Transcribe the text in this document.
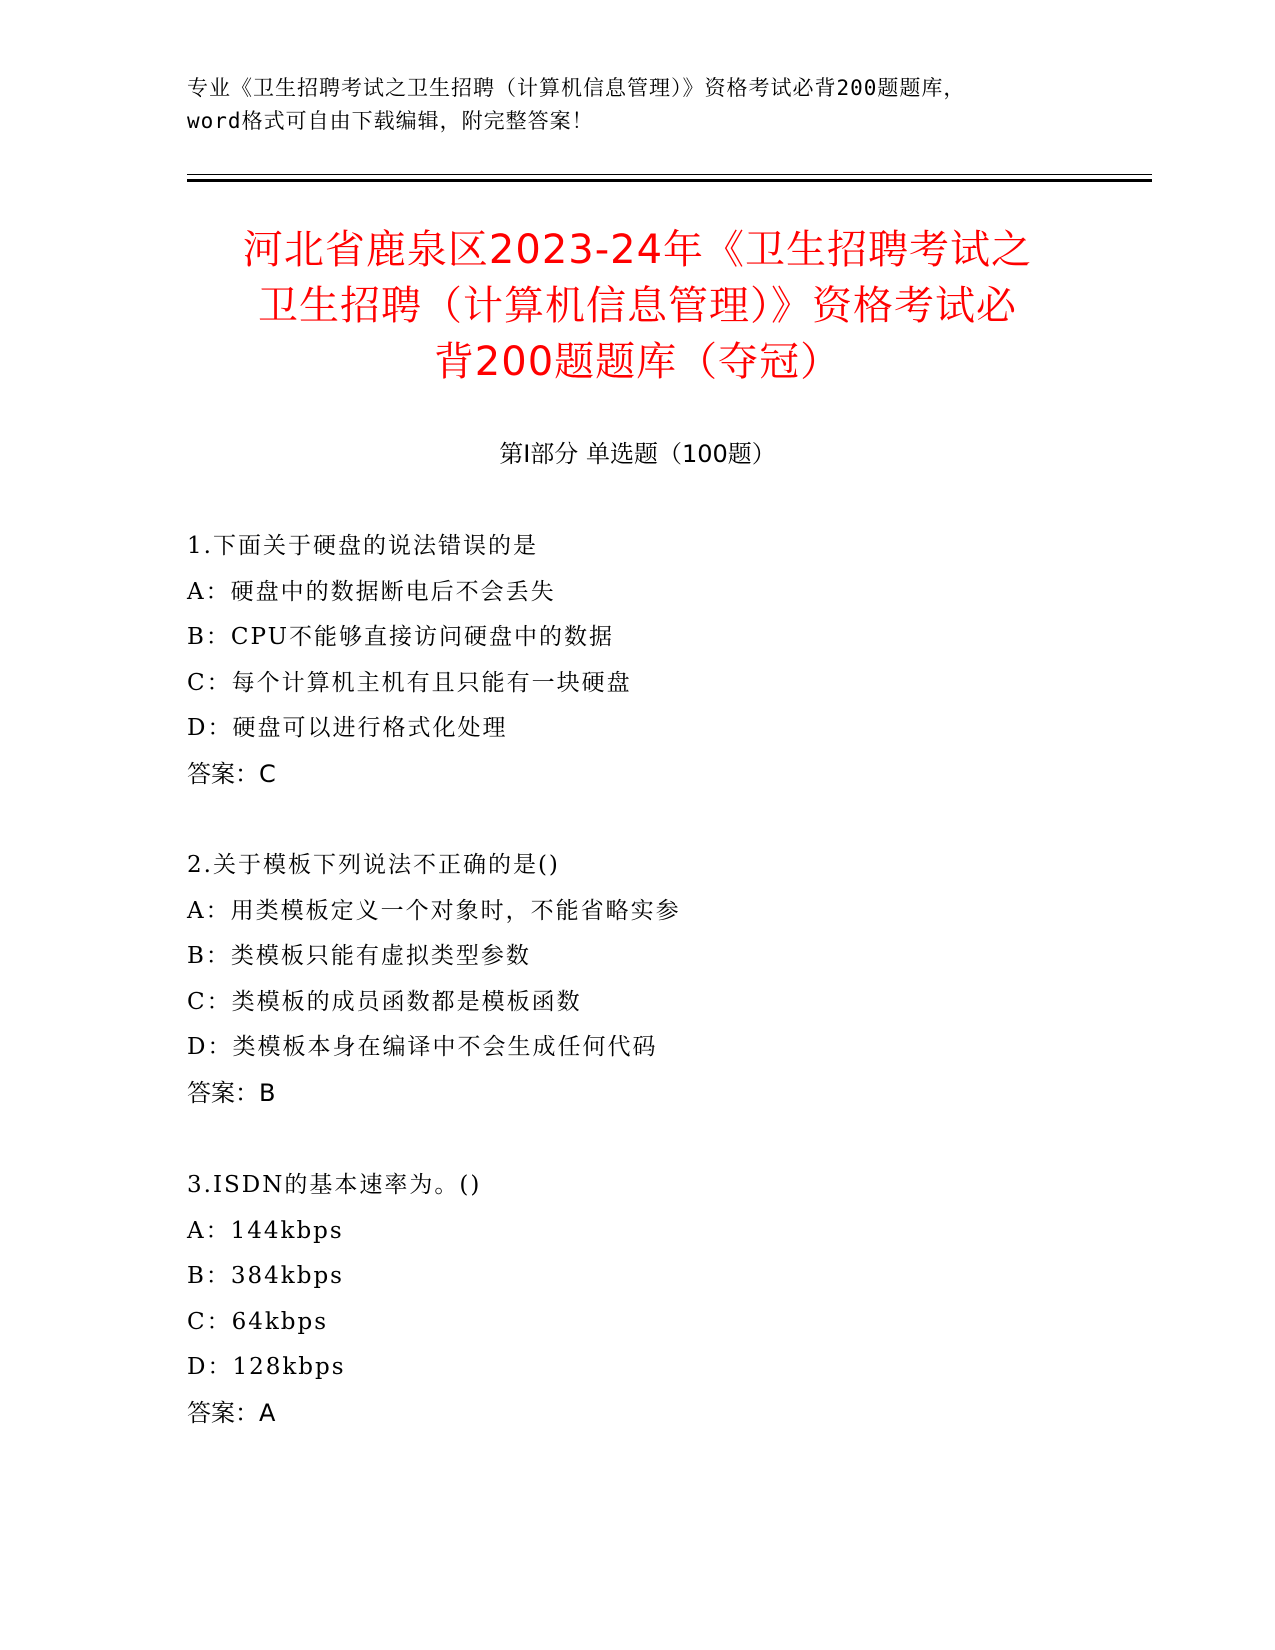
专业《卫生招聘考试之卫生招聘（计算机信息管理）》资格考试必背200题题库，
word格式可自由下载编辑，附完整答案！
河北省鹿泉区2023-24年《卫生招聘考试之
卫生招聘（计算机信息管理）》资格考试必
背200题题库（夺冠）
第Ⅰ部分 单选题（100题）
1.下面关于硬盘的说法错误的是
A：硬盘中的数据断电后不会丢失
B：CPU不能够直接访问硬盘中的数据
C：每个计算机主机有且只能有一块硬盘
D：硬盘可以进行格式化处理
答案：C
2.关于模板下列说法不正确的是()
A：用类模板定义一个对象时，不能省略实参
B：类模板只能有虚拟类型参数
C：类模板的成员函数都是模板函数
D：类模板本身在编译中不会生成任何代码
答案：B
3.ISDN的基本速率为。()
A：144kbps
B：384kbps
C：64kbps
D：128kbps
答案：A
